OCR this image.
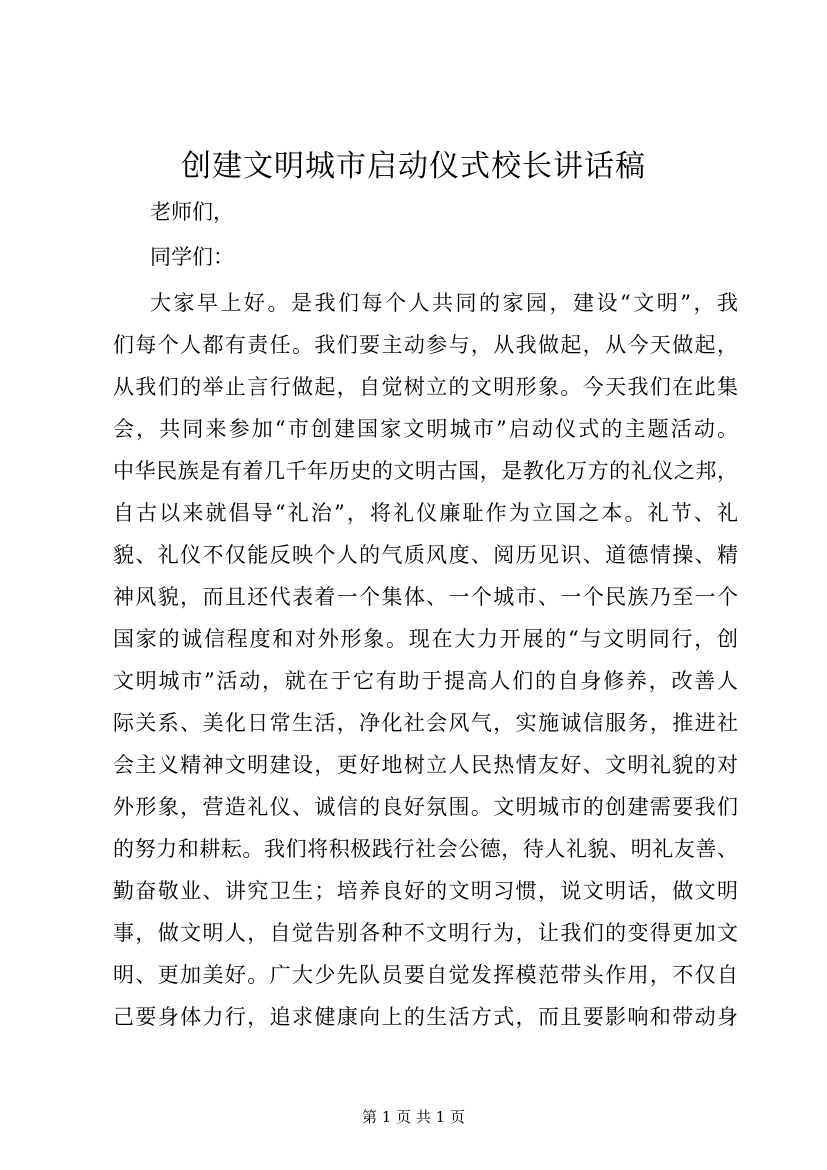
创建文明城市启动仪式校长讲话稿
老师们，
同学们：
大家早上好。是我们每个人共同的家园，建设“文明”，我
们每个人都有责任。我们要主动参与，从我做起，从今天做起，
从我们的举止言行做起，自觉树立的文明形象。今天我们在此集
会，共同来参加“市创建国家文明城市”启动仪式的主题活动。
中华民族是有着几千年历史的文明古国，是教化万方的礼仪之邦，
自古以来就倡导“礼治”，将礼仪廉耻作为立国之本。礼节、礼
貌、礼仪不仅能反映个人的气质风度、阅历见识、道德情操、精
神风貌，而且还代表着一个集体、一个城市、一个民族乃至一个
国家的诚信程度和对外形象。现在大力开展的“与文明同行，创
文明城市”活动，就在于它有助于提高人们的自身修养，改善人
际关系、美化日常生活，净化社会风气，实施诚信服务，推进社
会主义精神文明建设，更好地树立人民热情友好、文明礼貌的对
外形象，营造礼仪、诚信的良好氛围。文明城市的创建需要我们
的努力和耕耘。我们将积极践行社会公德，待人礼貌、明礼友善、
勤奋敬业、讲究卫生；培养良好的文明习惯，说文明话，做文明
事，做文明人，自觉告别各种不文明行为，让我们的变得更加文
明、更加美好。广大少先队员要自觉发挥模范带头作用，不仅自
己要身体力行，追求健康向上的生活方式，而且要影响和带动身
第 1 页 共 1 页
